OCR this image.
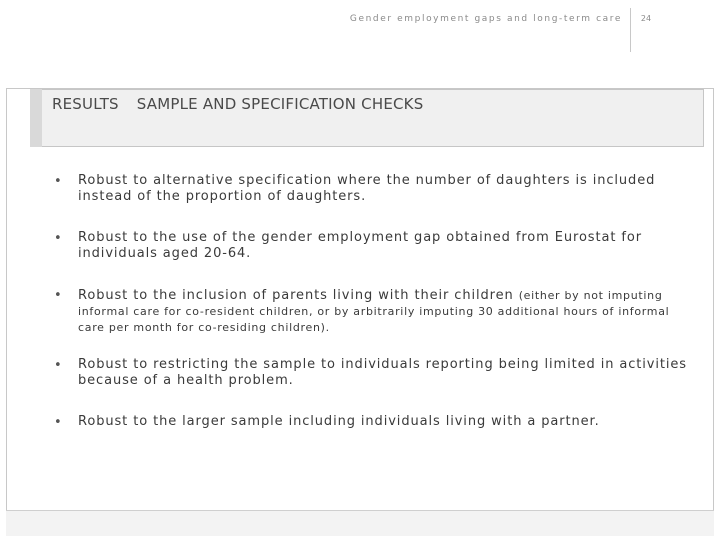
Gender employment gaps and long-term care	24
RESULTS SAMPLE AND SPECIFICATION CHECKS
• Robust to alternative specification where the number of daughters is included instead of the proportion of daughters.
• Robust to the use of the gender employment gap obtained from Eurostat for individuals aged 20-64.
• Robust to the inclusion of parents living with their children (either by not imputing informal care for co-resident children, or by arbitrarily imputing 30 additional hours of informal care per month for co-residing children).
• Robust to restricting the sample to individuals reporting being limited in activities because of a health problem.
• Robust to the larger sample including individuals living with a partner.
